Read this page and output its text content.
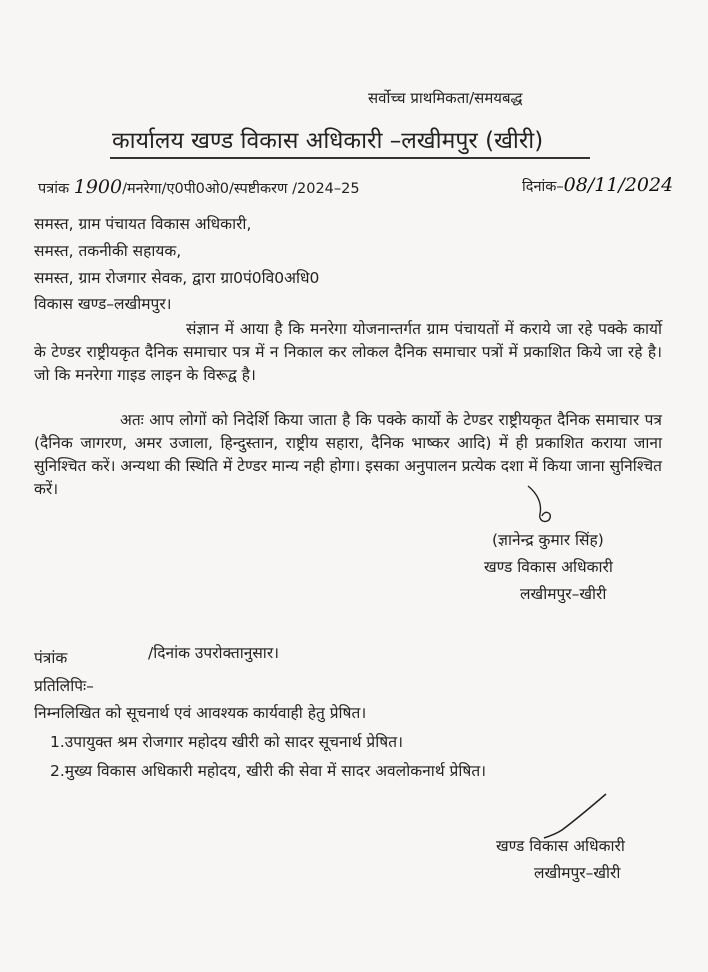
सर्वोच्च प्राथमिकता/समयबद्ध
कार्यालय खण्ड विकास अधिकारी –लखीमपुर (खीरी)
पत्रांक 1900/मनरेगा/ए0पी0ओ0/स्पष्टीकरण /2024–25	दिनांक–08/11/2024
समस्त, ग्राम पंचायत विकास अधिकारी,
समस्त, तकनीकी सहायक,
समस्त, ग्राम रोजगार सेवक, द्वारा ग्रा0पं0वि0अधि0
विकास खण्ड–लखीमपुर।
संज्ञान में आया है कि मनरेगा योजनान्तर्गत ग्राम पंचायतों में कराये जा रहे पक्के कार्यो के टेण्डर राष्ट्रीयकृत दैनिक समाचार पत्र में न निकाल कर लोकल दैनिक समाचार पत्रों में प्रकाशित किये जा रहे है। जो कि मनरेगा गाइड लाइन के विरूद्व है।
अतः आप लोगों को निदेर्शि किया जाता है कि पक्के कार्यो के टेण्डर राष्ट्रीयकृत दैनिक समाचार पत्र (दैनिक जागरण, अमर उजाला, हिन्दुस्तान, राष्ट्रीय सहारा, दैनिक भाष्कर आदि) में ही प्रकाशित कराया जाना सुनिश्चित करें। अन्यथा की स्थिति में टेण्डर मान्य नही होगा। इसका अनुपालन प्रत्येक दशा में किया जाना सुनिश्चित करें।
(ज्ञानेन्द्र कुमार सिंह)
खण्ड विकास अधिकारी
लखीमपुर–खीरी
पंत्रांक	/दिनांक उपरोक्तानुसार।
प्रतिलिपिः–
निम्नलिखित को सूचनार्थ एवं आवश्यक कार्यवाही हेतु प्रेषित।
1.उपायुक्त श्रम रोजगार महोदय खीरी को सादर सूचनार्थ प्रेषित।
2.मुख्य विकास अधिकारी महोदय, खीरी की सेवा में सादर अवलोकनार्थ प्रेषित।
खण्ड विकास अधिकारी
लखीमपुर–खीरी
